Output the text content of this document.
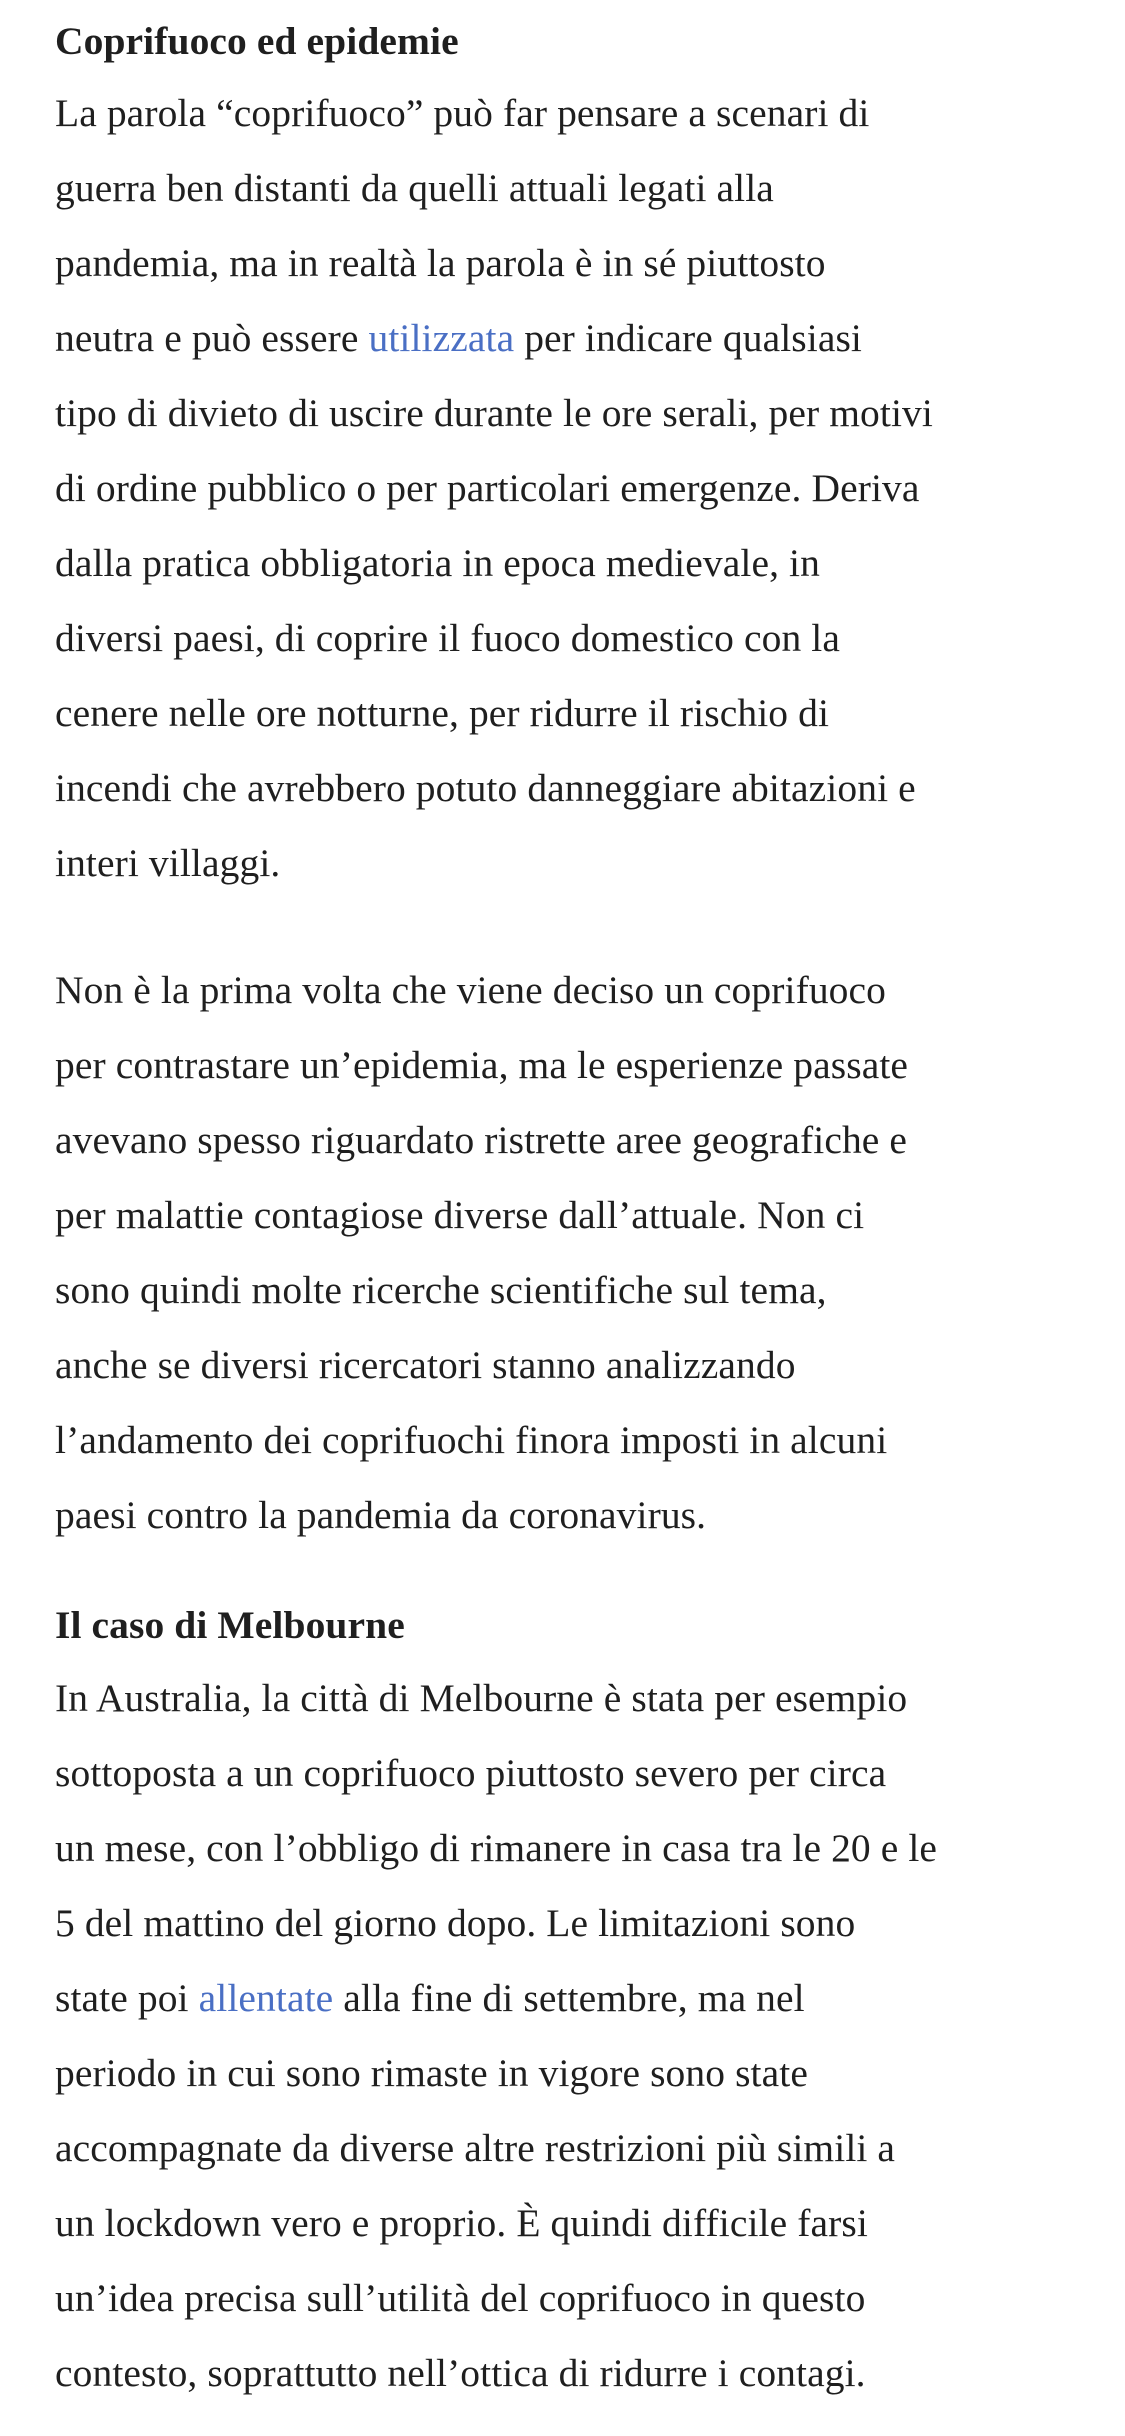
Coprifuoco ed epidemie
La parola “coprifuoco” può far pensare a scenari di
guerra ben distanti da quelli attuali legati alla
pandemia, ma in realtà la parola è in sé piuttosto
neutra e può essere utilizzata per indicare qualsiasi
tipo di divieto di uscire durante le ore serali, per motivi
di ordine pubblico o per particolari emergenze. Deriva
dalla pratica obbligatoria in epoca medievale, in
diversi paesi, di coprire il fuoco domestico con la
cenere nelle ore notturne, per ridurre il rischio di
incendi che avrebbero potuto danneggiare abitazioni e
interi villaggi.
Non è la prima volta che viene deciso un coprifuoco
per contrastare un’epidemia, ma le esperienze passate
avevano spesso riguardato ristrette aree geografiche e
per malattie contagiose diverse dall’attuale. Non ci
sono quindi molte ricerche scientifiche sul tema,
anche se diversi ricercatori stanno analizzando
l’andamento dei coprifuochi finora imposti in alcuni
paesi contro la pandemia da coronavirus.
Il caso di Melbourne
In Australia, la città di Melbourne è stata per esempio
sottoposta a un coprifuoco piuttosto severo per circa
un mese, con l’obbligo di rimanere in casa tra le 20 e le
5 del mattino del giorno dopo. Le limitazioni sono
state poi allentate alla fine di settembre, ma nel
periodo in cui sono rimaste in vigore sono state
accompagnate da diverse altre restrizioni più simili a
un lockdown vero e proprio. È quindi difficile farsi
un’idea precisa sull’utilità del coprifuoco in questo
contesto, soprattutto nell’ottica di ridurre i contagi.
